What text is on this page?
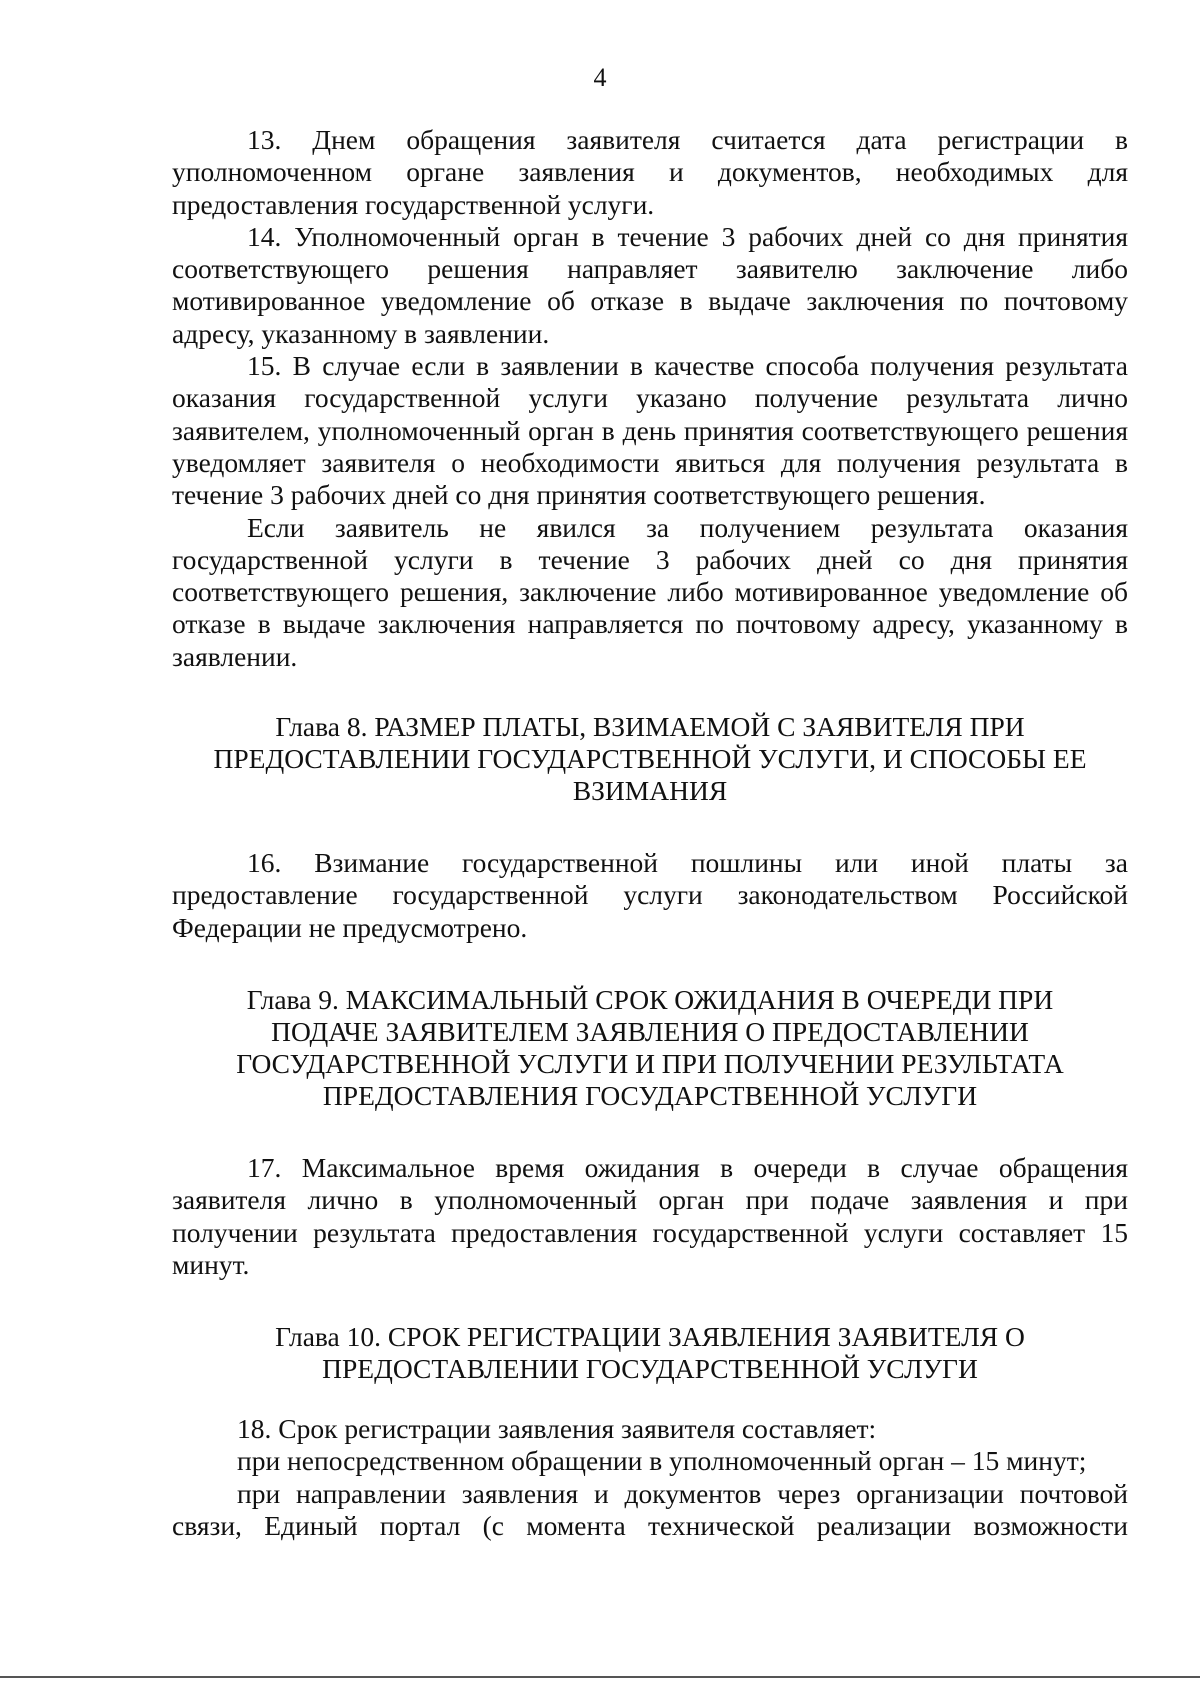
4

13. Днем обращения заявителя считается дата регистрации в уполномоченном органе заявления и документов, необходимых для предоставления государственной услуги.

14. Уполномоченный орган в течение 3 рабочих дней со дня принятия соответствующего решения направляет заявителю заключение либо мотивированное уведомление об отказе в выдаче заключения по почтовому адресу, указанному в заявлении.

15. В случае если в заявлении в качестве способа получения результата оказания государственной услуги указано получение результата лично заявителем, уполномоченный орган в день принятия соответствующего решения уведомляет заявителя о необходимости явиться для получения результата в течение 3 рабочих дней со дня принятия соответствующего решения.

Если заявитель не явился за получением результата оказания государственной услуги в течение 3 рабочих дней со дня принятия соответствующего решения, заключение либо мотивированное уведомление об отказе в выдаче заключения направляется по почтовому адресу, указанному в заявлении.

Глава 8. РАЗМЕР ПЛАТЫ, ВЗИМАЕМОЙ С ЗАЯВИТЕЛЯ ПРИ
ПРЕДОСТАВЛЕНИИ ГОСУДАРСТВЕННОЙ УСЛУГИ, И СПОСОБЫ ЕЕ
ВЗИМАНИЯ

16. Взимание государственной пошлины или иной платы за предоставление государственной услуги законодательством Российской Федерации не предусмотрено.

Глава 9. МАКСИМАЛЬНЫЙ СРОК ОЖИДАНИЯ В ОЧЕРЕДИ ПРИ
ПОДАЧЕ ЗАЯВИТЕЛЕМ ЗАЯВЛЕНИЯ О ПРЕДОСТАВЛЕНИИ
ГОСУДАРСТВЕННОЙ УСЛУГИ И ПРИ ПОЛУЧЕНИИ РЕЗУЛЬТАТА
ПРЕДОСТАВЛЕНИЯ ГОСУДАРСТВЕННОЙ УСЛУГИ

17. Максимальное время ожидания в очереди в случае обращения заявителя лично в уполномоченный орган при подаче заявления и при получении результата предоставления государственной услуги составляет 15 минут.

Глава 10. СРОК РЕГИСТРАЦИИ ЗАЯВЛЕНИЯ ЗАЯВИТЕЛЯ О
ПРЕДОСТАВЛЕНИИ ГОСУДАРСТВЕННОЙ УСЛУГИ

18. Срок регистрации заявления заявителя составляет:

при непосредственном обращении в уполномоченный орган – 15 минут;

при направлении заявления и документов через организации почтовой связи, Единый портал (с момента технической реализации возможности
